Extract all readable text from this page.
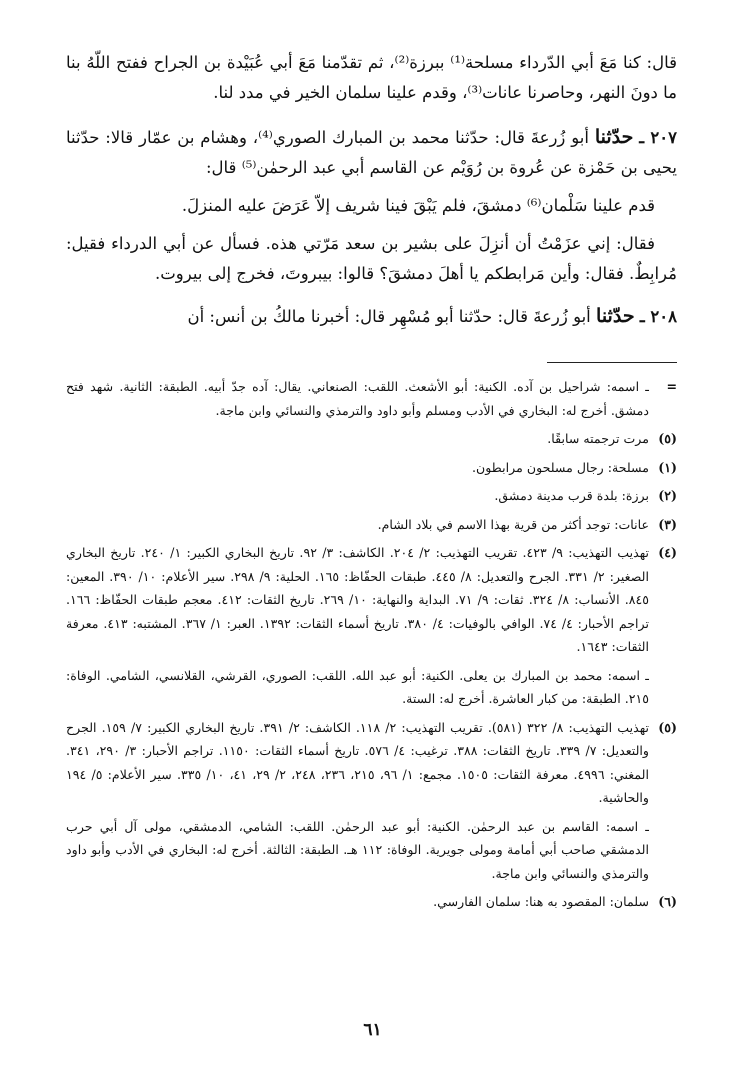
قال: كنا مَعَ أبي الدّرداء مسلحة⁽¹⁾ ببرزة⁽²⁾، ثم تقدّمنا مَعَ أبي عُبَيْدة بن الجراح ففتح اللّهُ بنا ما دونَ النهر، وحاصرنا عانات⁽³⁾، وقدم علينا سلمان الخير في مدد لنا.

٢٠٧ ـ حدّثنا أبو زُرعةَ قال: حدّثنا محمد بن المبارك الصوري⁽⁴⁾، وهشام بن عمّار قالا: حدّثنا يحيى بن حَمْزة عن عُروة بن رُوَيْم عن القاسم أبي عبد الرحمٰن⁽⁵⁾ قال:

قدم علينا سَلْمان⁽⁶⁾ دمشقَ، فلم يَبْقَ فينا شريف إلاّ عَرَضَ عليه المنزلَ.

فقال: إني عزَمْتُ أن أنزِلَ على بشير بن سعد مَرّتي هذه. فسأل عن أبي الدرداء فقيل: مُرابِطٌ. فقال: وأين مَرابطكم يا أهلَ دمشقَ؟ قالوا: بيبروتَ، فخرج إلى بيروت.

٢٠٨ ـ حدّثنا أبو زُرعةَ قال: حدّثنا أبو مُسْهِر قال: أخبرنا مالكُ بن أنس: أن

=
ـ اسمه: شراحيل بن آده. الكنية: أبو الأشعث. اللقب: الصنعاني. يقال: آده جدّ أبيه. الطبقة: الثانية. شهد فتح دمشق. أخرج له: البخاري في الأدب ومسلم وأبو داود والترمذي والنسائي وابن ماجة.
(٥)
مرت ترجمته سابقًا.
(١)
مسلحة: رجال مسلحون مرابطون.
(٢)
برزة: بلدة قرب مدينة دمشق.
(٣)
عانات: توجد أكثر من قرية بهذا الاسم في بلاد الشام.
(٤)
تهذيب التهذيب: ٩/ ٤٢٣. تقريب التهذيب: ٢/ ٢٠٤. الكاشف: ٣/ ٩٢. تاريخ البخاري الكبير: ١/ ٢٤٠. تاريخ البخاري الصغير: ٢/ ٣٣١. الجرح والتعديل: ٨/ ٤٤٥. طبقات الحفّاظ: ١٦٥. الحلية: ٩/ ٢٩٨. سير الأعلام: ١٠/ ٣٩٠. المعين: ٨٤٥. الأنساب: ٨/ ٣٢٤. ثقات: ٩/ ٧١. البداية والنهاية: ١٠/ ٢٦٩. تاريخ الثقات: ٤١٢. معجم طبقات الحفّاظ: ١٦٦. تراجم الأحبار: ٤/ ٧٤. الوافي بالوفيات: ٤/ ٣٨٠. تاريخ أسماء الثقات: ١٣٩٢. العبر: ١/ ٣٦٧. المشتبه: ٤١٣. معرفة الثقات: ١٦٤٣.
ـ اسمه: محمد بن المبارك بن يعلى. الكنية: أبو عبد الله. اللقب: الصوري، القرشي، القلانسي، الشامي. الوفاة: ٢١٥. الطبقة: من كبار العاشرة. أخرج له: الستة.
(٥)
تهذيب التهذيب: ٨/ ٣٢٢ (٥٨١). تقريب التهذيب: ٢/ ١١٨. الكاشف: ٢/ ٣٩١. تاريخ البخاري الكبير: ٧/ ١٥٩. الجرح والتعديل: ٧/ ٣٣٩. تاريخ الثقات: ٣٨٨. ترغيب: ٤/ ٥٧٦. تاريخ أسماء الثقات: ١١٥٠. تراجم الأحبار: ٣/ ٢٩٠، ٣٤١. المغني: ٤٩٩٦. معرفة الثقات: ١٥٠٥. مجمع: ١/ ٩٦، ٢١٥، ٢٣٦، ٢٤٨، ٢/ ٢٩، ٤١، ١٠/ ٣٣٥. سير الأعلام: ٥/ ١٩٤ والحاشية.
ـ اسمه: القاسم بن عبد الرحمٰن. الكنية: أبو عبد الرحمٰن. اللقب: الشامي، الدمشقي، مولى آل أبي حرب الدمشقي صاحب أبي أمامة ومولى جويرية. الوفاة: ١١٢ هـ. الطبقة: الثالثة. أخرج له: البخاري في الأدب وأبو داود والترمذي والنسائي وابن ماجة.
(٦)
سلمان: المقصود به هنا: سلمان الفارسي.
٦١
